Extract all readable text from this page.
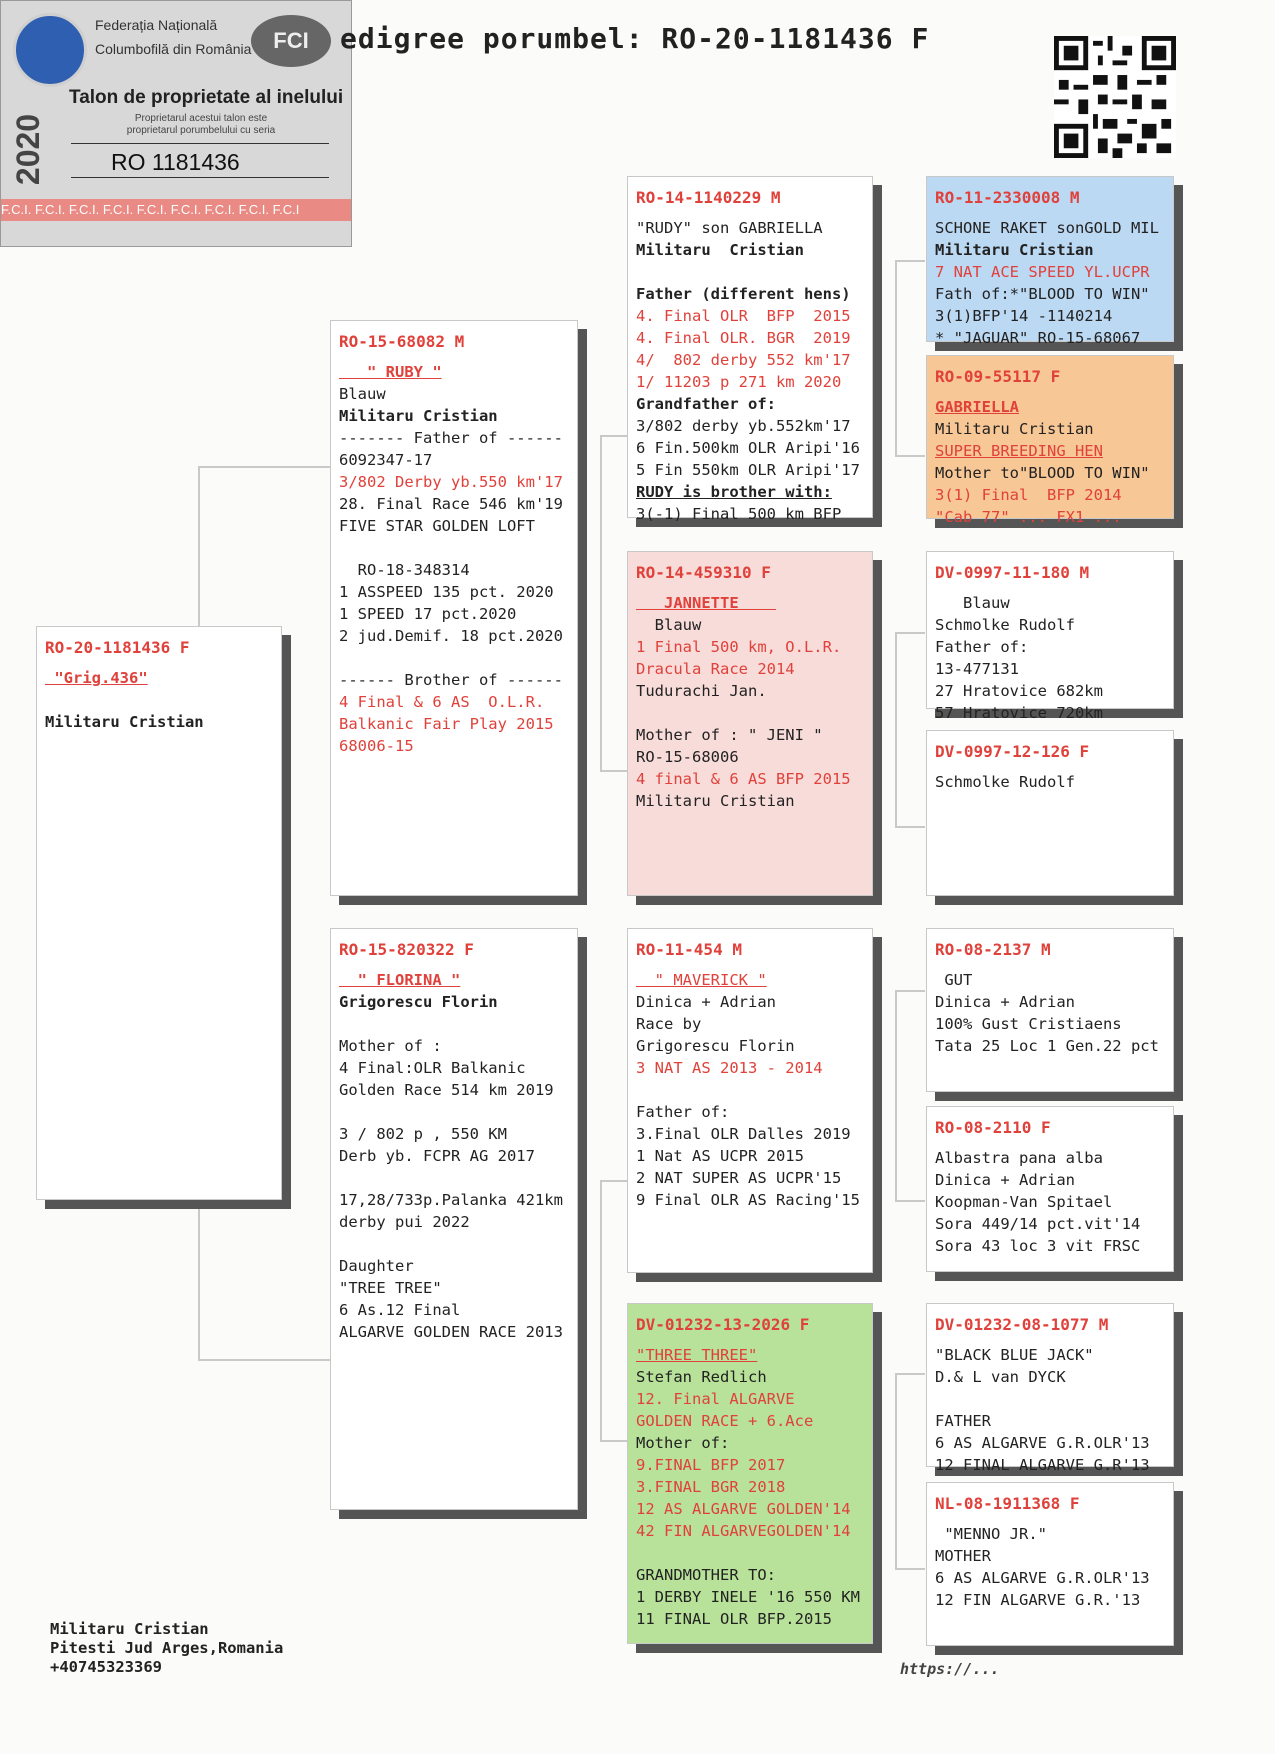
Federația Națională
Columbofilă din România FCI
2020
Talon de proprietate al inelului
Proprietarul acestui talon este
proprietarul porumbelului cu seria
RO 1181436
F.C.I. F.C.I. F.C.I. F.C.I. F.C.I. F.C.I. F.C.I. F.C.I. F.C.I
edigree porumbel: RO-20-1181436 F
RO-20-1181436 F
"Grig.436"

Militaru Cristian
RO-15-68082 M
" RUBY "
Blauw
Militaru Cristian
------- Father of ------
6092347-17
3/802 Derby yb.550 km'17
28. Final Race 546 km'19
FIVE STAR GOLDEN LOFT

RO-18-348314
1 ASSPEED 135 pct. 2020
1 SPEED 17 pct.2020
2 jud.Demif. 18 pct.2020

------ Brother of ------
4 Final & 6 AS  O.L.R.
Balkanic Fair Play 2015
68006-15
RO-15-820322 F
" FLORINA "
Grigorescu Florin

Mother of :
4 Final:OLR Balkanic
Golden Race 514 km 2019

3 / 802 p , 550 KM
Derb yb. FCPR AG 2017

17,28/733p.Palanka 421km
derby pui 2022

Daughter
"TREE TREE"
6 As.12 Final
ALGARVE GOLDEN RACE 2013
RO-14-1140229 M
"RUDY" son GABRIELLA
Militaru  Cristian

Father (different hens)
4. Final OLR  BFP  2015
4. Final OLR. BGR  2019
4/  802 derby 552 km'17
1/ 11203 p 271 km 2020
Grandfather of:
3/802 derby yb.552km'17
6 Fin.500km OLR Aripi'16
5 Fin 550km OLR Aripi'17
RUDY is brother with:
3(-1) Final 500 km BFP
RO-14-459310 F
JANNETTE
Blauw
1 Final 500 km, O.L.R.
Dracula Race 2014
Tudurachi Jan.

Mother of : " JENI "
RO-15-68006
4 final & 6 AS BFP 2015
Militaru Cristian
RO-11-454 M
" MAVERICK "
Dinica + Adrian
Race by
Grigorescu Florin
3 NAT AS 2013 - 2014

Father of:
3.Final OLR Dalles 2019
1 Nat AS UCPR 2015
2 NAT SUPER AS UCPR'15
9 Final OLR AS Racing'15
DV-01232-13-2026 F
"THREE THREE"
Stefan Redlich
12. Final ALGARVE
GOLDEN RACE + 6.Ace
Mother of:
9.FINAL BFP 2017
3.FINAL BGR 2018
12 AS ALGARVE GOLDEN'14
42 FIN ALGARVEGOLDEN'14

GRANDMOTHER TO:
1 DERBY INELE '16 550 KM
11 FINAL OLR BFP.2015
RO-11-2330008 M
SCHONE RAKET sonGOLD MIL
Militaru Cristian
7 NAT ACE SPEED YL.UCPR
Fath of:*"BLOOD TO WIN"
3(1)BFP'14 -1140214
* "JAGUAR" RO-15-68067
RO-09-55117 F
GABRIELLA
Militaru Cristian
SUPER BREEDING HEN
Mother to"BLOOD TO WIN"
3(1) Final  BFP 2014
"Cab 77" ... FX1 ...
DV-0997-11-180 M
Blauw
Schmolke Rudolf
Father of:
13-477131
27 Hratovice 682km
57 Hratovice 720km
DV-0997-12-126 F
Schmolke Rudolf
RO-08-2137 M
GUT
Dinica + Adrian
100% Gust Cristiaens
Tata 25 Loc 1 Gen.22 pct
RO-08-2110 F
Albastra pana alba
Dinica + Adrian
Koopman-Van Spitael
Sora 449/14 pct.vit'14
Sora 43 loc 3 vit FRSC
DV-01232-08-1077 M
"BLACK BLUE JACK"
D.& L van DYCK

FATHER
6 AS ALGARVE G.R.OLR'13
12 FINAL ALGARVE G.R'13
NL-08-1911368 F
"MENNO JR."
MOTHER
6 AS ALGARVE G.R.OLR'13
12 FIN ALGARVE G.R.'13
Militaru Cristian
Pitesti Jud Arges,Romania
+40745323369	https://...
